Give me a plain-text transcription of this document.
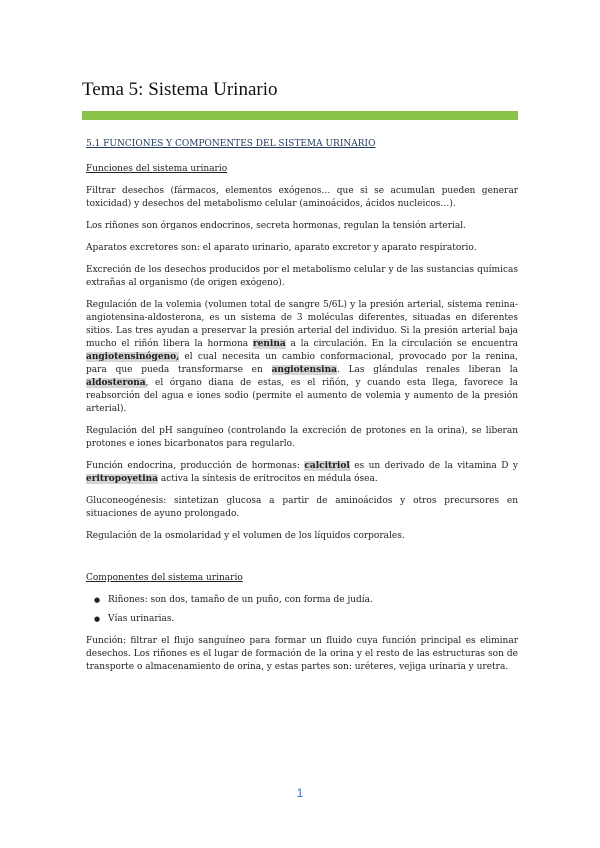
Tema 5: Sistema Urinario
5.1 FUNCIONES Y COMPONENTES DEL SISTEMA URINARIO
Funciones del sistema urinario

Filtrar desechos (fármacos, elementos exógenos… que si se acumulan pueden generar toxicidad) y desechos del metabolismo celular (aminoácidos, ácidos nucleicos…).

Los riñones son órganos endocrinos, secreta hormonas, regulan la tensión arterial.

Aparatos excretores son: el aparato urinario, aparato excretor y aparato respiratorio.

Excreción de los desechos producidos por el metabolismo celular y de las sustancias químicas extrañas al organismo (de origen exógeno).

Regulación de la volemia (volumen total de sangre 5/6L) y la presión arterial, sistema renina-angiotensina-aldosterona, es un sistema de 3 moléculas diferentes, situadas en diferentes sitios. Las tres ayudan a preservar la presión arterial del individuo. Si la presión arterial baja mucho el riñón libera la hormona renina a la circulación. En la circulación se encuentra angiotensinógeno, el cual necesita un cambio conformacional, provocado por la renina, para que pueda transformarse en angiotensina. Las glándulas renales liberan la aldosterona, el órgano diana de estas, es el riñón, y cuando esta llega, favorece la reabsorción del agua e iones sodio (permite el aumento de volemia y aumento de la presión arterial).

Regulación del pH sanguíneo (controlando la excreción de protones en la orina), se liberan protones e iones bicarbonatos para regularlo.

Función endocrina, producción de hormonas: calcitriol es un derivado de la vitamina D y eritropoyetina activa la síntesis de eritrocitos en médula ósea.

Gluconeogénesis: sintetizan glucosa a partir de aminoácidos y otros precursores en situaciones de ayuno prolongado.

Regulación de la osmolaridad y el volumen de los líquidos corporales.

Componentes del sistema urinario
● Riñones: son dos, tamaño de un puño, con forma de judía.
● Vías urinarias.

Función: filtrar el flujo sanguíneo para formar un fluido cuya función principal es eliminar desechos. Los riñones es el lugar de formación de la orina y el resto de las estructuras son de transporte o almacenamiento de orina, y estas partes son: uréteres, vejiga urinaria y uretra.

1
